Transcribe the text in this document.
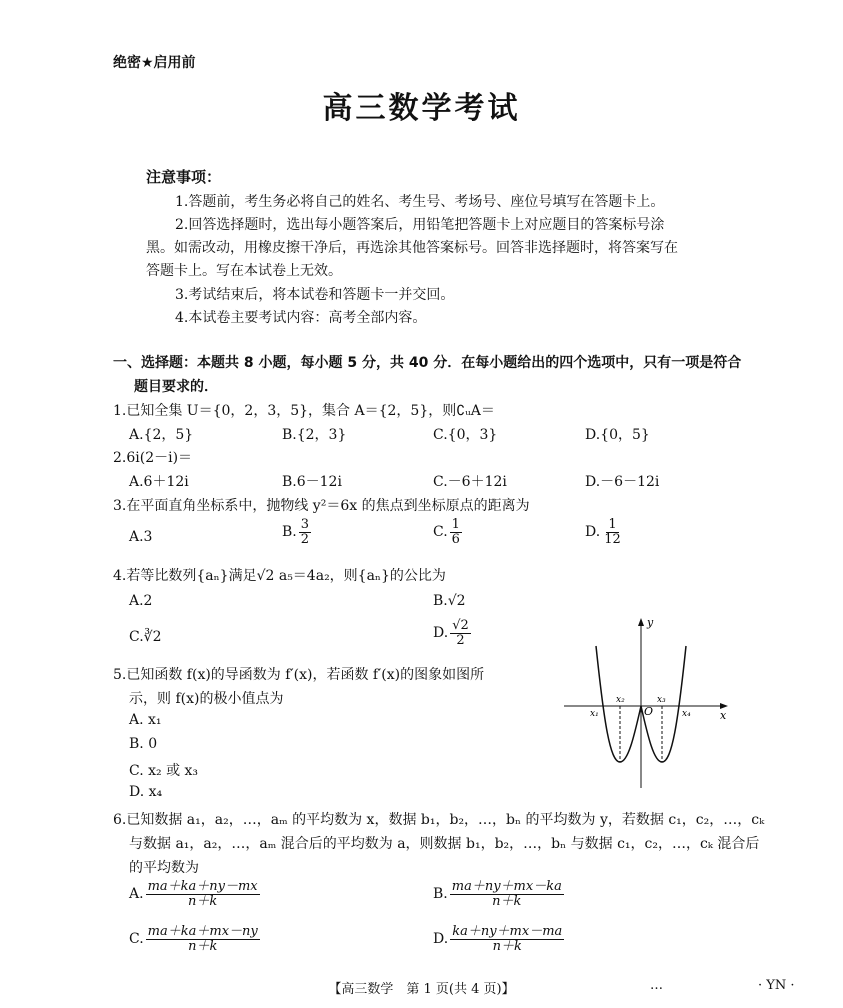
绝密★启用前
高三数学考试
注意事项：
1.答题前，考生务必将自己的姓名、考生号、考场号、座位号填写在答题卡上。
2.回答选择题时，选出每小题答案后，用铅笔把答题卡上对应题目的答案标号涂
黑。如需改动，用橡皮擦干净后，再选涂其他答案标号。回答非选择题时，将答案写在
答题卡上。写在本试卷上无效。
3.考试结束后，将本试卷和答题卡一并交回。
4.本试卷主要考试内容：高考全部内容。
一、选择题：本题共 8 小题，每小题 5 分，共 40 分．在每小题给出的四个选项中，只有一项是符合
题目要求的．
1.已知全集 U＝{0，2，3，5}，集合 A＝{2，5}，则∁ᵤA＝
A.{2，5}	B.{2，3}	C.{0，3}	D.{0，5}
2.6i(2－i)＝
A.6＋12i	B.6－12i	C.－6＋12i	D.－6－12i
3.在平面直角坐标系中，抛物线 y²＝6x 的焦点到坐标原点的距离为
A.3	B. $\frac{3}{2}$	C. $\frac{1}{6}$	D. $\frac{1}{12}$
4.若等比数列{aₙ}满足√2 a₅＝4a₂，则{aₙ}的公比为
A.2	B.√2
C.∛2	D. $\frac{√2}{2}$
5.已知函数 f(x)的导函数为 f′(x)，若函数 f′(x)的图象如图所
示，则 f(x)的极小值点为
A. x₁
B. 0
C. x₂ 或 x₃
D. x₄
y
x
O
x₁
x₂	x₃
x₄
6.已知数据 a₁，a₂，…，aₘ 的平均数为 x，数据 b₁，b₂，…，bₙ 的平均数为 y，若数据 c₁，c₂，…，cₖ
与数据 a₁，a₂，…，aₘ 混合后的平均数为 a，则数据 b₁，b₂，…，bₙ 与数据 c₁，c₂，…，cₖ 混合后
的平均数为
A. $\frac{ma+ka+ny-mx}{n+k}$	B. $\frac{ma+ny+mx-ka}{n+k}$
C. $\frac{ma+ka+mx-ny}{n+k}$	D. $\frac{ka+ny+mx-ma}{n+k}$
【高三数学　第 1 页(共 4 页)】	…	· YN ·
